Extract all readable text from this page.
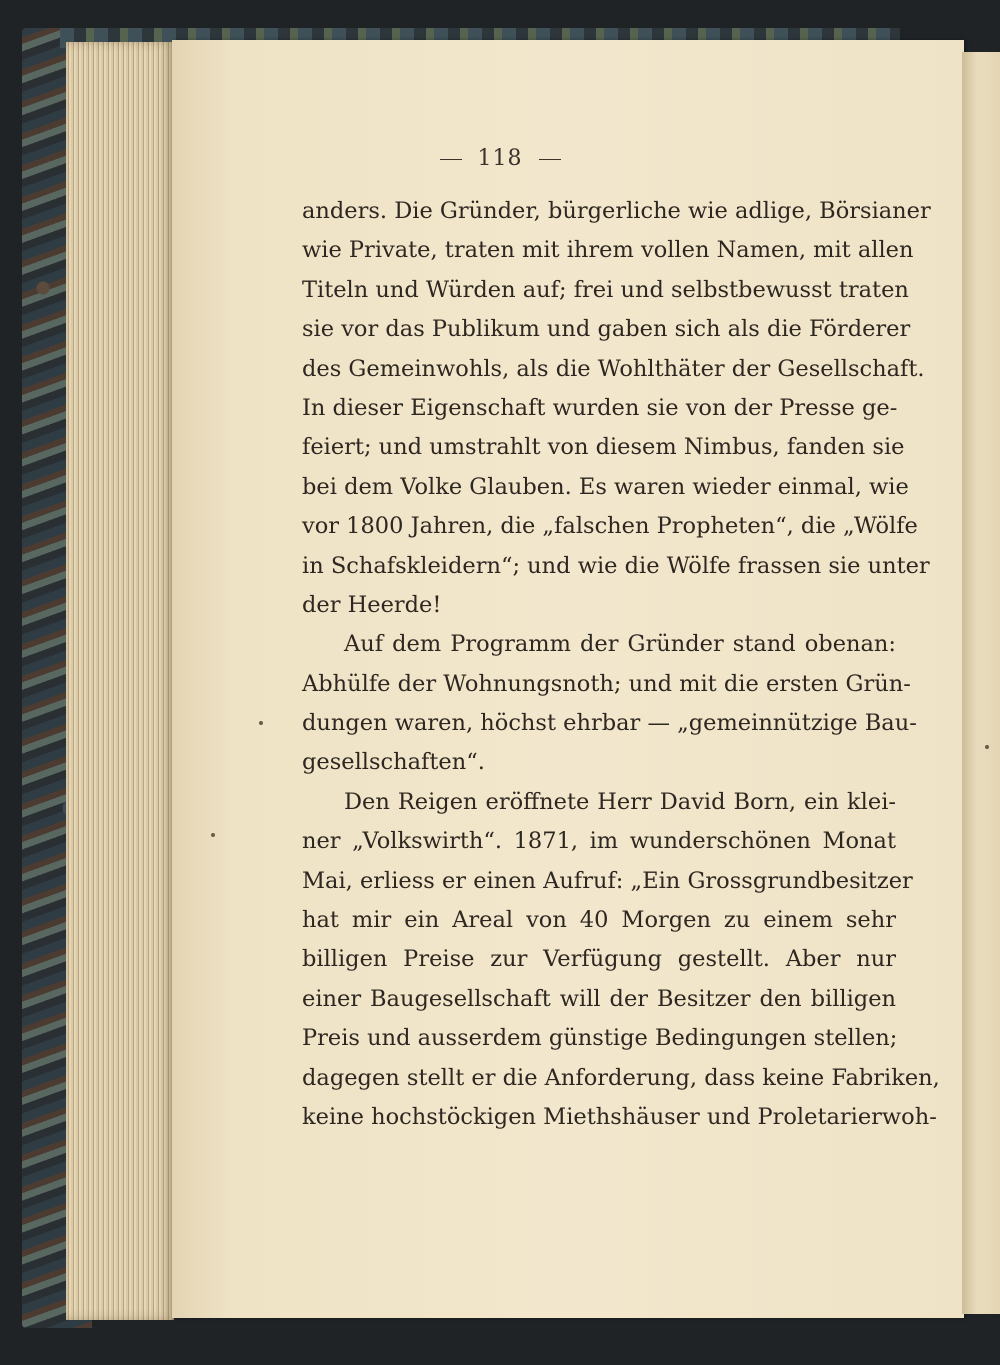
118
anders. Die Gründer, bürgerliche wie adlige, Börsianer
wie Private, traten mit ihrem vollen Namen, mit allen
Titeln und Würden auf; frei und selbstbewusst traten
sie vor das Publikum und gaben sich als die Förderer
des Gemeinwohls, als die Wohlthäter der Gesellschaft.
In dieser Eigenschaft wurden sie von der Presse ge-
feiert; und umstrahlt von diesem Nimbus, fanden sie
bei dem Volke Glauben. Es waren wieder einmal, wie
vor 1800 Jahren, die „falschen Propheten“, die „Wölfe
in Schafskleidern“; und wie die Wölfe frassen sie unter
der Heerde!
Auf dem Programm der Gründer stand obenan:
Abhülfe der Wohnungsnoth; und mit die ersten Grün-
dungen waren, höchst ehrbar — „gemeinnützige Bau-
gesellschaften“.
Den Reigen eröffnete Herr David Born, ein klei-
ner „Volkswirth“. 1871, im wunderschönen Monat
Mai, erliess er einen Aufruf: „Ein Grossgrundbesitzer
hat mir ein Areal von 40 Morgen zu einem sehr
billigen Preise zur Verfügung gestellt. Aber nur
einer Baugesellschaft will der Besitzer den billigen
Preis und ausserdem günstige Bedingungen stellen;
dagegen stellt er die Anforderung, dass keine Fabriken,
keine hochstöckigen Miethshäuser und Proletarierwoh-
